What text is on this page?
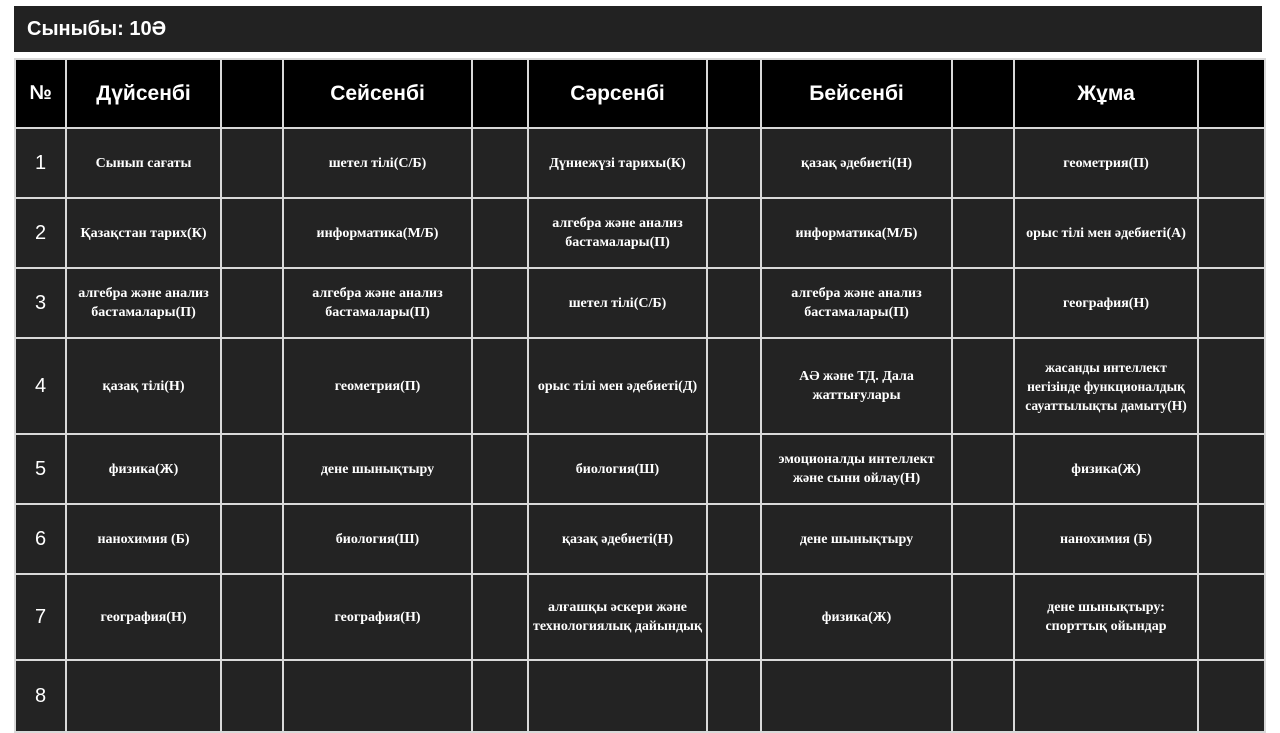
Сыныбы: 10Ә
№	Дүйсенбі		Сейсенбі		Сәрсенбі		Бейсенбі		Жұма	
1	Сынып сағаты		шетел тілі(С/Б)		Дүниежүзі тарихы(К)		қазақ әдебиеті(Н)		геометрия(П)	
2	Қазақстан тарих(К)		информатика(М/Б)		алгебра және анализ бастамалары(П)		информатика(М/Б)		орыс тілі мен әдебиеті(А)	
3	алгебра және анализ бастамалары(П)		алгебра және анализ бастамалары(П)		шетел тілі(С/Б)		алгебра және анализ бастамалары(П)		география(Н)	
4	қазақ тілі(Н)		геометрия(П)		орыс тілі мен әдебиеті(Д)		АӘ және ТД. Дала жаттығулары		жасанды интеллект негізінде функционалдық сауаттылықты дамыту(Н)	
5	физика(Ж)		дене шынықтыру		биология(Ш)		эмоционалды интеллект және сыни ойлау(Н)		физика(Ж)	
6	нанохимия (Б)		биология(Ш)		қазақ әдебиеті(Н)		дене шынықтыру		нанохимия (Б)	
7	география(Н)		география(Н)		алғашқы әскери және технологиялық дайындық		физика(Ж)		дене шынықтыру: спорттық ойындар	
8										
